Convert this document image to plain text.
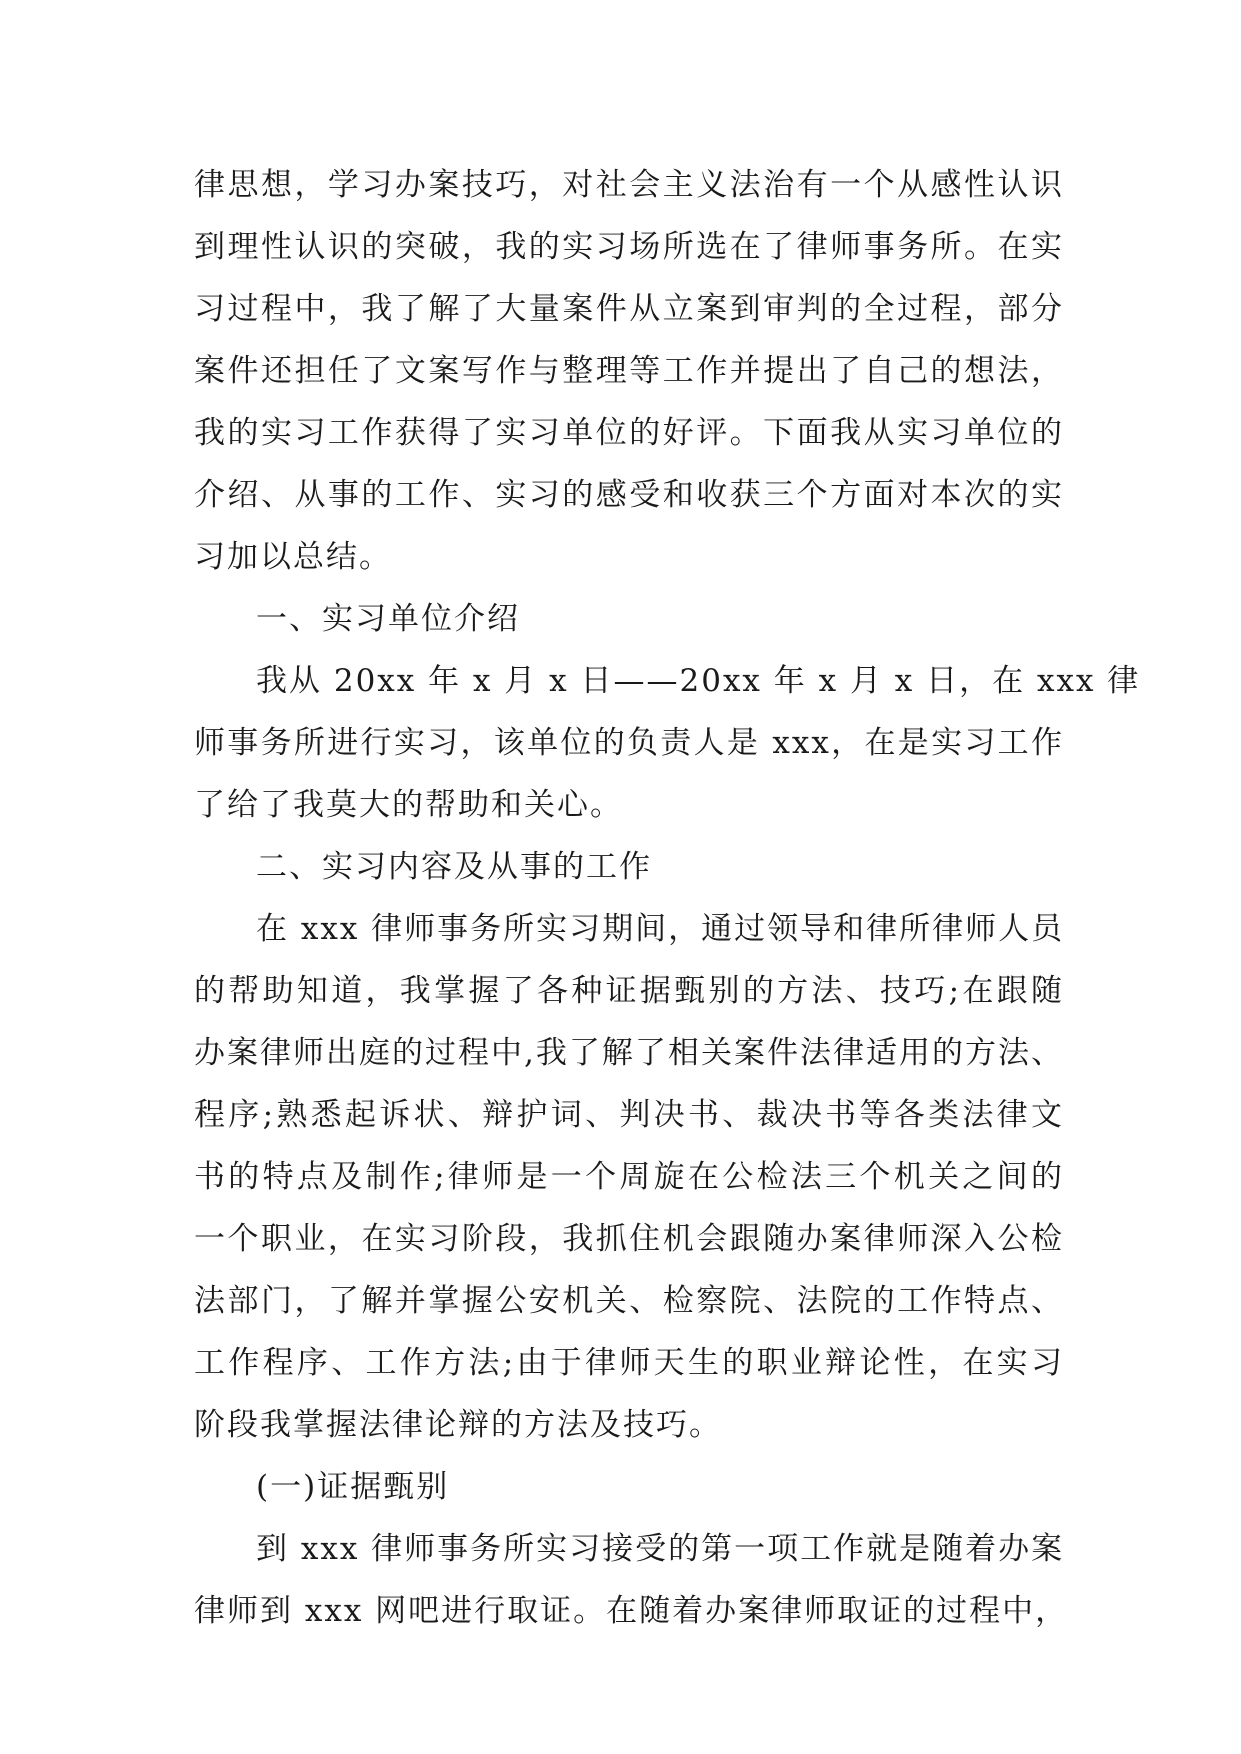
律思想，学习办案技巧，对社会主义法治有一个从感性认识
到理性认识的突破，我的实习场所选在了律师事务所。在实
习过程中，我了解了大量案件从立案到审判的全过程，部分
案件还担任了文案写作与整理等工作并提出了自己的想法，
我的实习工作获得了实习单位的好评。下面我从实习单位的
介绍、从事的工作、实习的感受和收获三个方面对本次的实
习加以总结。
一、实习单位介绍
我从 20xx 年 x 月 x 日——20xx 年 x 月 x 日，在 xxx 律
师事务所进行实习，该单位的负责人是 xxx，在是实习工作
了给了我莫大的帮助和关心。
二、实习内容及从事的工作
在 xxx 律师事务所实习期间，通过领导和律所律师人员
的帮助知道，我掌握了各种证据甄别的方法、技巧;在跟随
办案律师出庭的过程中,我了解了相关案件法律适用的方法、
程序;熟悉起诉状、辩护词、判决书、裁决书等各类法律文
书的特点及制作;律师是一个周旋在公检法三个机关之间的
一个职业，在实习阶段，我抓住机会跟随办案律师深入公检
法部门，了解并掌握公安机关、检察院、法院的工作特点、
工作程序、工作方法;由于律师天生的职业辩论性，在实习
阶段我掌握法律论辩的方法及技巧。
(一)证据甄别
到 xxx 律师事务所实习接受的第一项工作就是随着办案
律师到 xxx 网吧进行取证。在随着办案律师取证的过程中，
